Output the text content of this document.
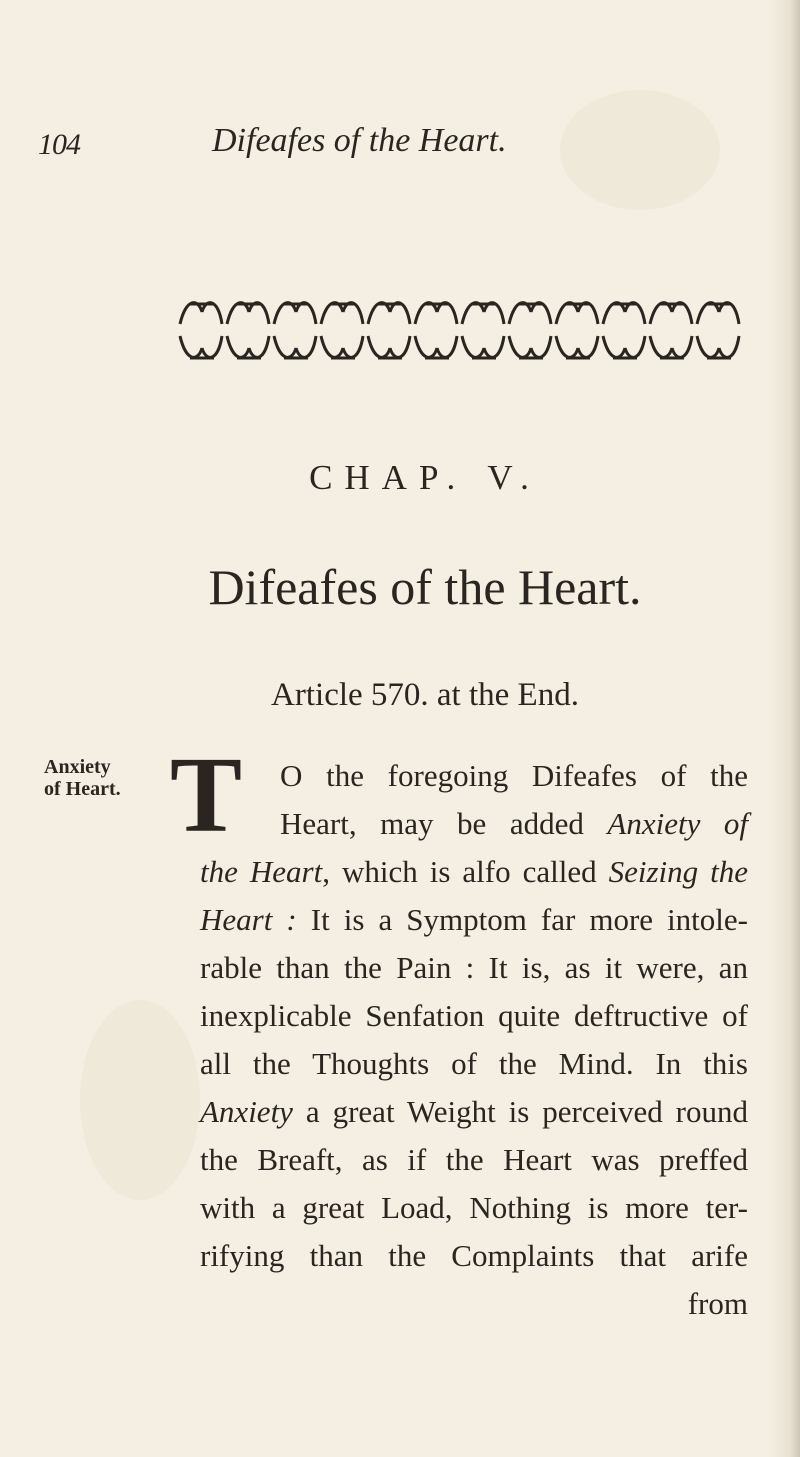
104	Difeafes of the Heart.
CHAP. V.
Difeafes of the Heart.
Article 570. at the End.
Anxiety
of Heart. T	O the foregoing Difeafes of the
Heart, may be added Anxiety of
the Heart, which is alfo called Seizing the
Heart : It is a Symptom far more intole-
rable than the Pain : It is, as it were, an
inexplicable Senfation quite deftructive of
all the Thoughts of the Mind. In this
Anxiety a great Weight is perceived round
the Breaft, as if the Heart was preffed
with a great Load, Nothing is more ter-
rifying than the Complaints that arife
from
